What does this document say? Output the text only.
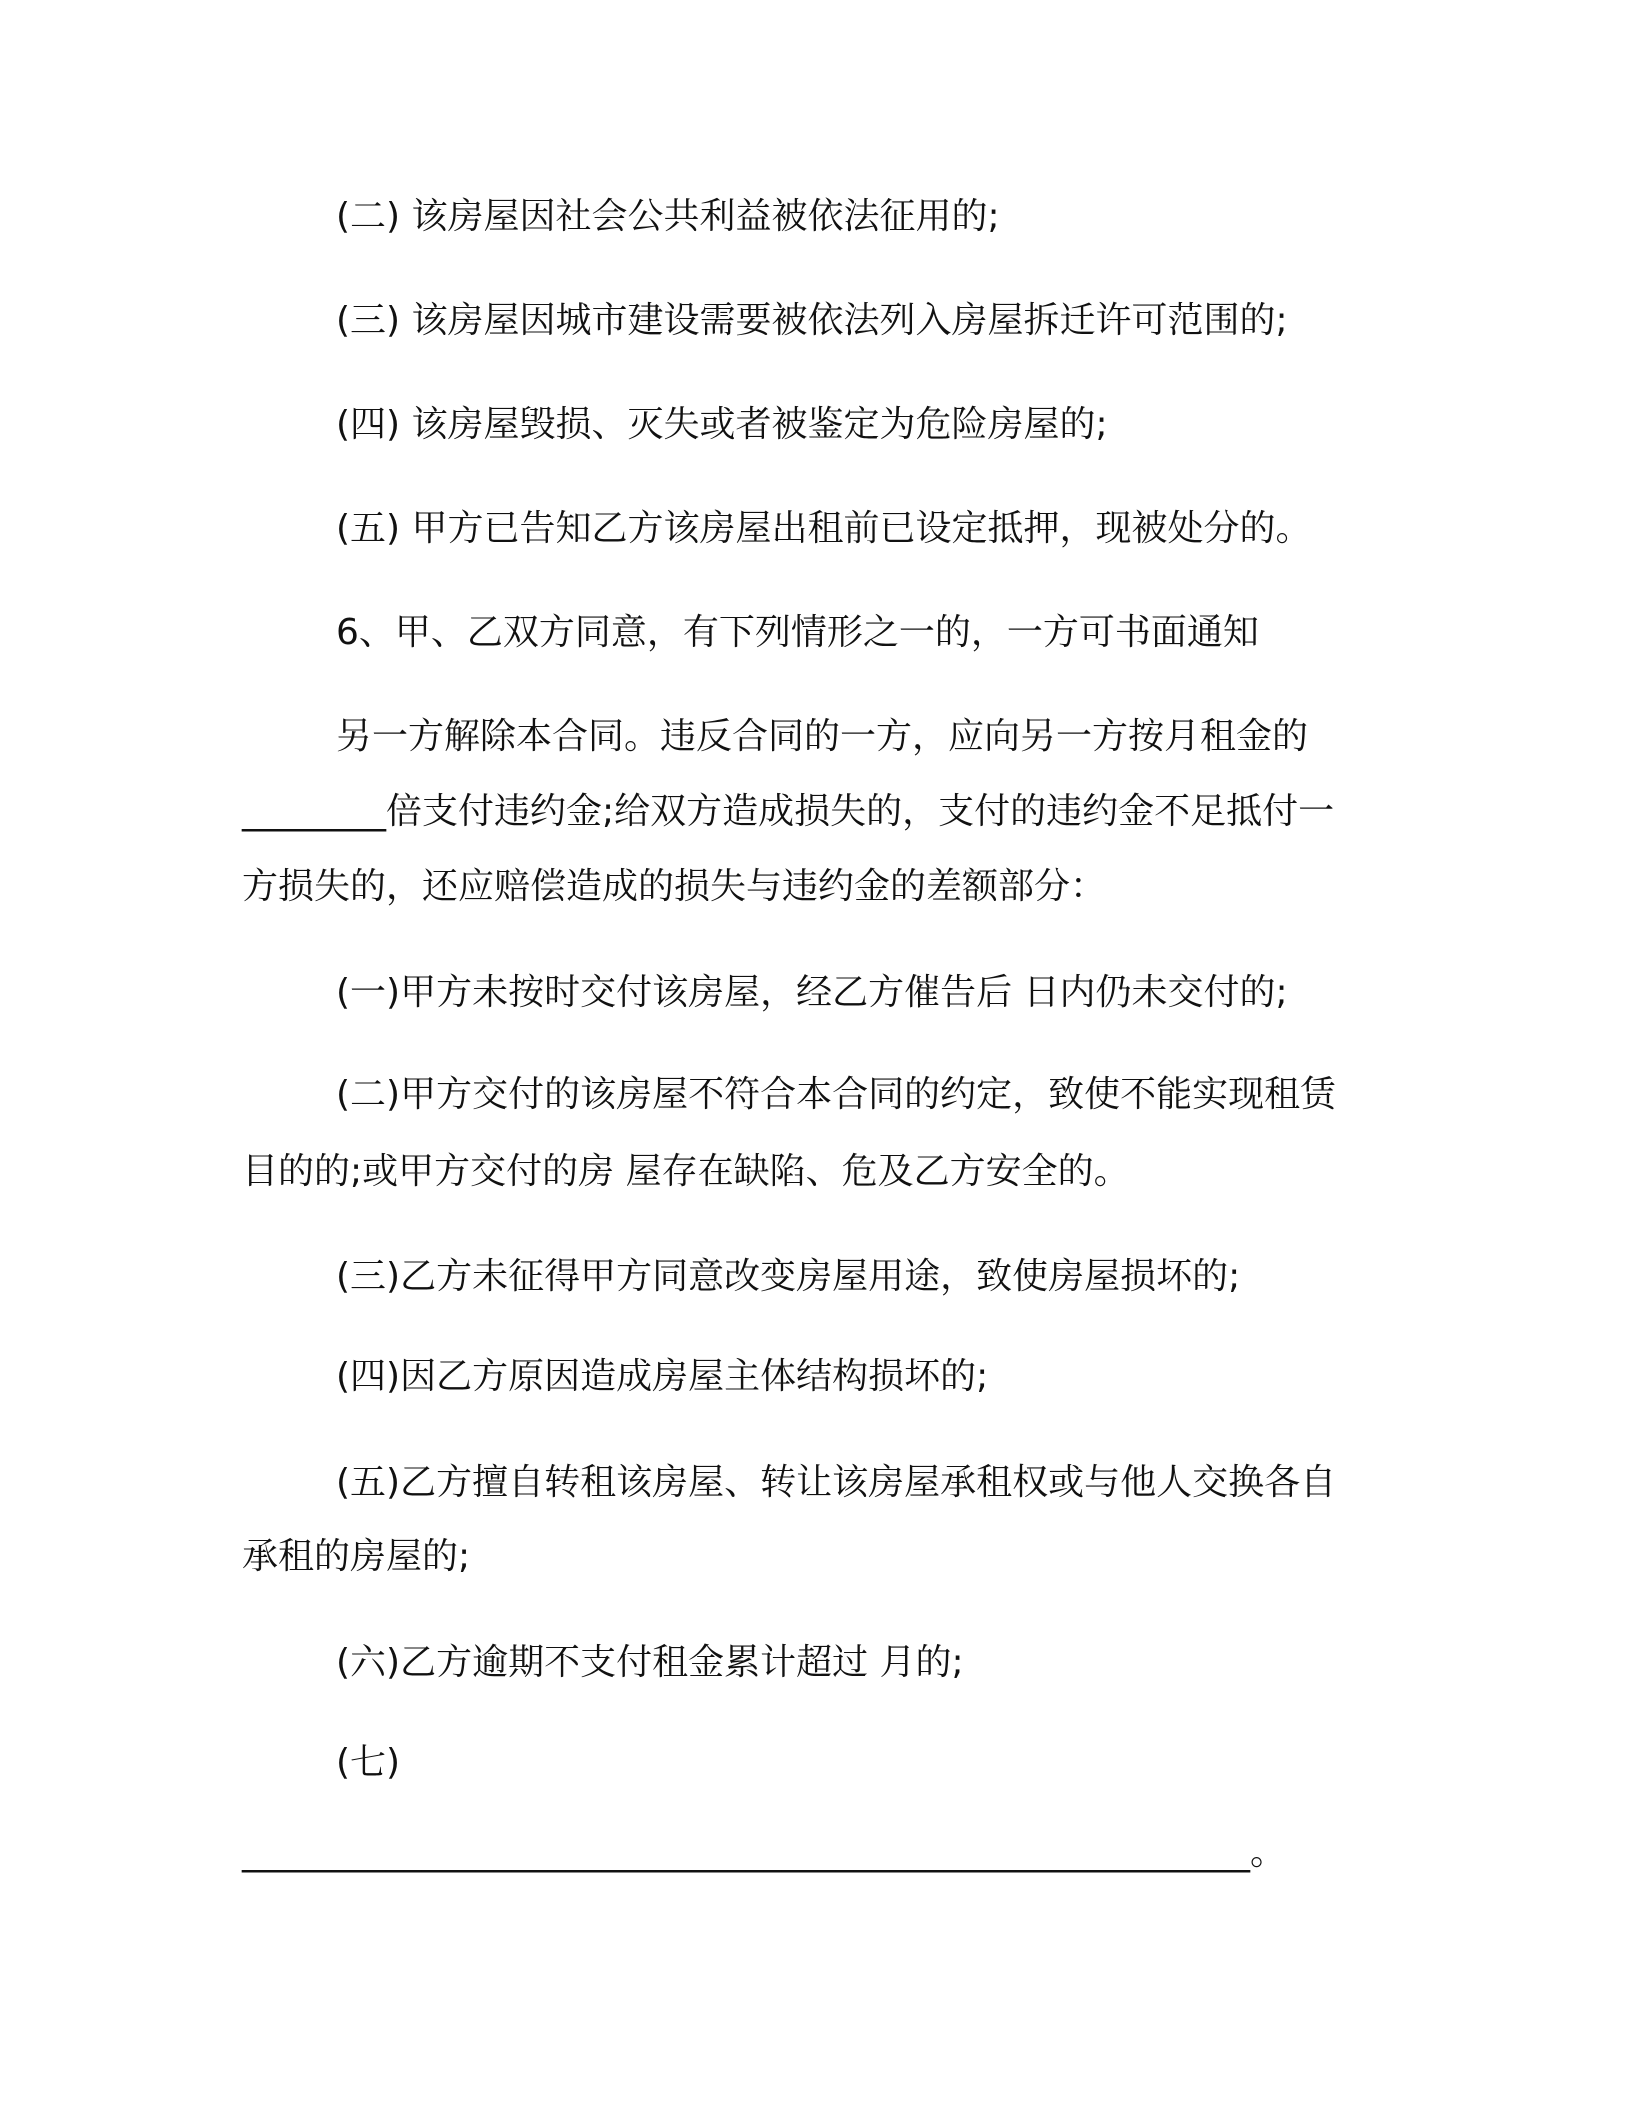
(二) 该房屋因社会公共利益被依法征用的;

(三) 该房屋因城市建设需要被依法列入房屋拆迁许可范围的;

(四) 该房屋毁损、灭失或者被鉴定为危险房屋的;

(五) 甲方已告知乙方该房屋出租前已设定抵押，现被处分的。

6、甲、乙双方同意，有下列情形之一的，一方可书面通知

另一方解除本合同。违反合同的一方，应向另一方按月租金的

________倍支付违约金;给双方造成损失的，支付的违约金不足抵付一

方损失的，还应赔偿造成的损失与违约金的差额部分：

(一)甲方未按时交付该房屋，经乙方催告后 日内仍未交付的;

(二)甲方交付的该房屋不符合本合同的约定，致使不能实现租赁

目的的;或甲方交付的房 屋存在缺陷、危及乙方安全的。

(三)乙方未征得甲方同意改变房屋用途，致使房屋损坏的;

(四)因乙方原因造成房屋主体结构损坏的;

(五)乙方擅自转租该房屋、转让该房屋承租权或与他人交换各自

承租的房屋的;

(六)乙方逾期不支付租金累计超过 月的;

(七)

________________________________________________________。
